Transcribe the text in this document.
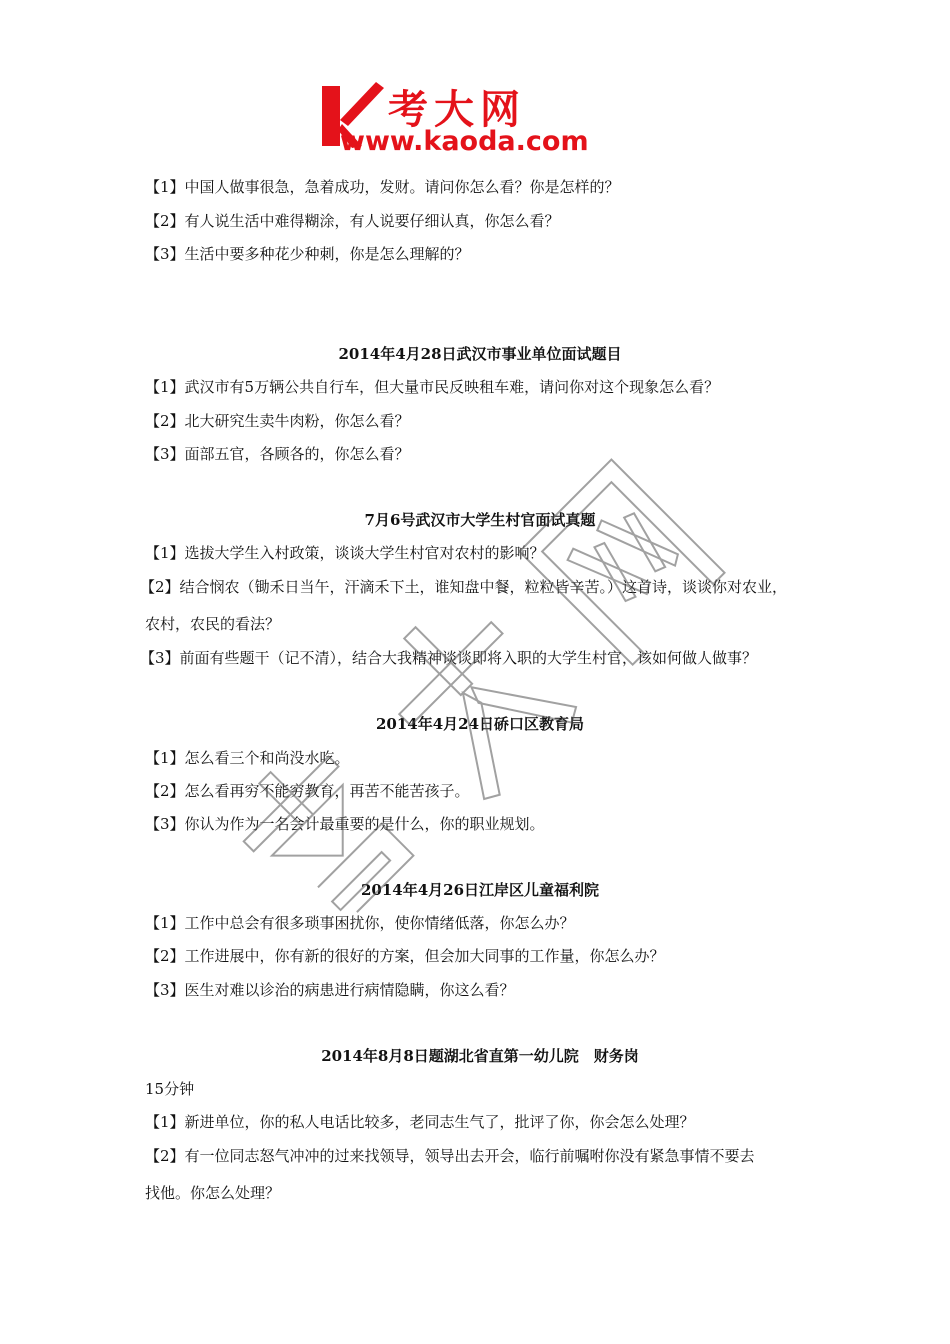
考大网
www.kaoda.com
【1】中国人做事很急，急着成功，发财。请问你怎么看？你是怎样的？
【2】有人说生活中难得糊涂，有人说要仔细认真，你怎么看？
【3】生活中要多种花少种刺，你是怎么理解的？
2014年4月28日武汉市事业单位面试题目
【1】武汉市有5万辆公共自行车，但大量市民反映租车难，请问你对这个现象怎么看？
【2】北大研究生卖牛肉粉，你怎么看？
【3】面部五官，各顾各的，你怎么看？
7月6号武汉市大学生村官面试真题
【1】选拔大学生入村政策，谈谈大学生村官对农村的影响？
【2】结合悯农（锄禾日当午，汗滴禾下土，谁知盘中餐，粒粒皆辛苦。）这首诗，谈谈你对农业，
农村，农民的看法？
【3】前面有些题干（记不清），结合大我精神谈谈即将入职的大学生村官，该如何做人做事？
2014年4月24日硚口区教育局
【1】怎么看三个和尚没水吃。
【2】怎么看再穷不能穷教育，再苦不能苦孩子。
【3】你认为作为一名会计最重要的是什么，你的职业规划。
2014年4月26日江岸区儿童福利院
【1】工作中总会有很多琐事困扰你，使你情绪低落，你怎么办？
【2】工作进展中，你有新的很好的方案，但会加大同事的工作量，你怎么办？
【3】医生对难以诊治的病患进行病情隐瞒，你这么看？
2014年8月8日题湖北省直第一幼儿院　财务岗
15分钟
【1】新进单位，你的私人电话比较多，老同志生气了，批评了你，你会怎么处理？
【2】有一位同志怒气冲冲的过来找领导，领导出去开会，临行前嘱咐你没有紧急事情不要去
找他。你怎么处理？
